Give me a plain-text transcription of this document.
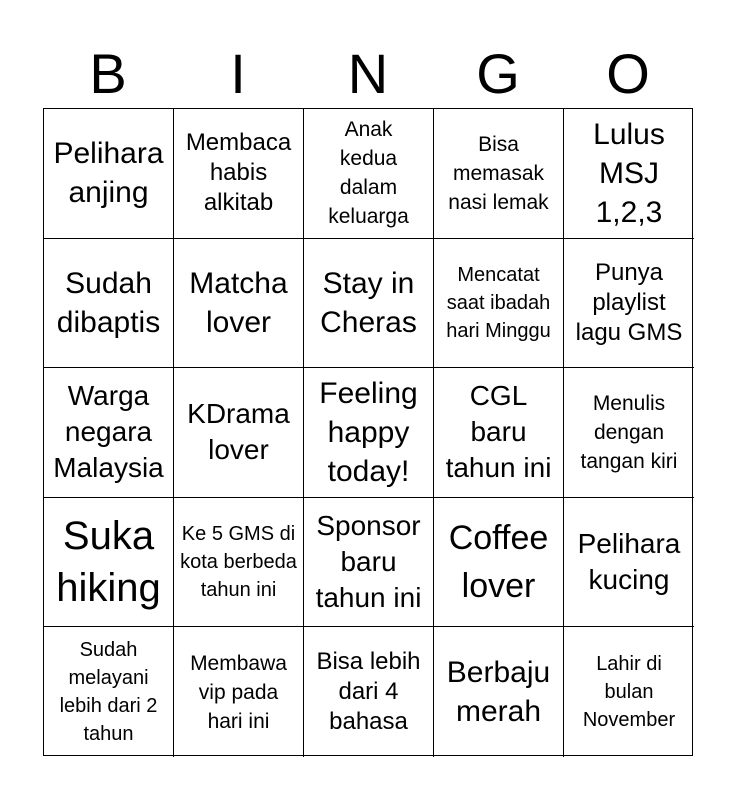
B	I	N	G	O
Pelihara anjing
Membaca habis alkitab
Anak kedua dalam keluarga
Bisa memasak nasi lemak
Lulus MSJ 1,2,3
Sudah dibaptis
Matcha lover
Stay in Cheras
Mencatat saat ibadah hari Minggu
Punya playlist lagu GMS
Warga negara Malaysia
KDrama lover
Feeling happy today!
CGL baru tahun ini
Menulis dengan tangan kiri
Suka hiking
Ke 5 GMS di kota berbeda tahun ini
Sponsor baru tahun ini
Coffee lover
Pelihara kucing
Sudah melayani lebih dari 2 tahun
Membawa vip pada hari ini
Bisa lebih dari 4 bahasa
Berbaju merah
Lahir di bulan November
